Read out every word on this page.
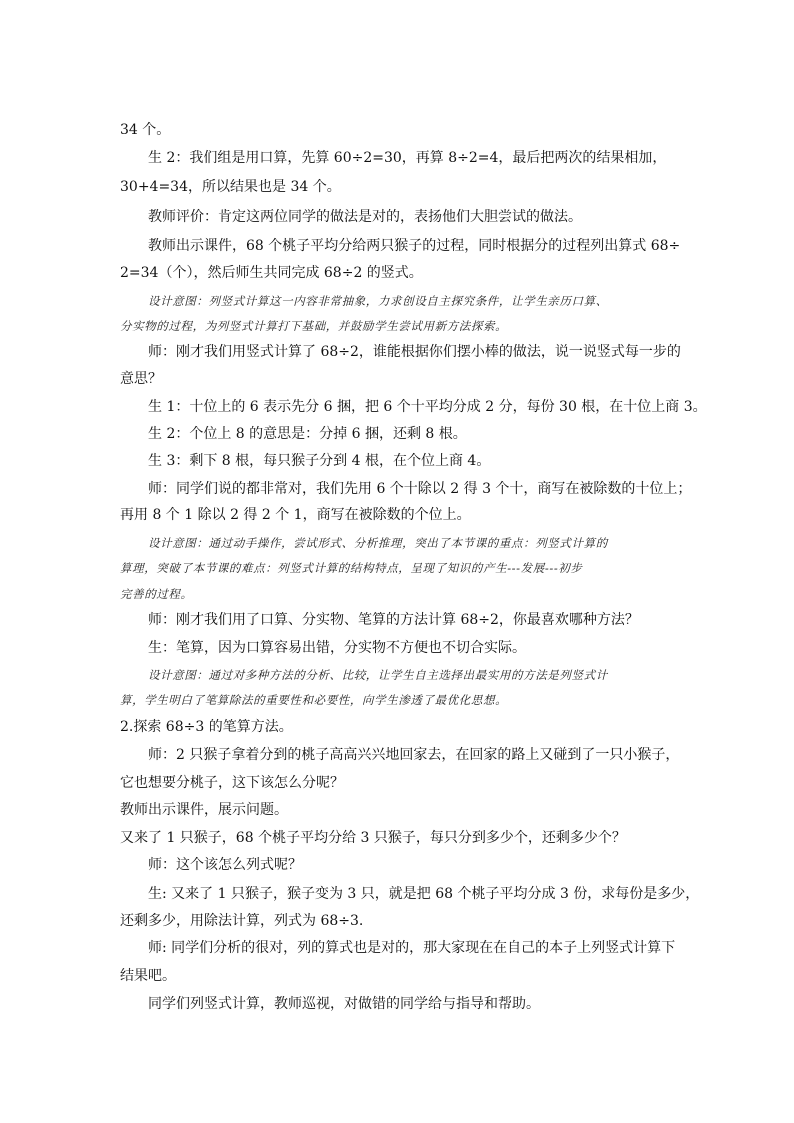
34 个。
生 2：我们组是用口算，先算 60÷2=30，再算 8÷2=4，最后把两次的结果相加，
30+4=34，所以结果也是 34 个。
教师评价：肯定这两位同学的做法是对的，表扬他们大胆尝试的做法。
教师出示课件，68 个桃子平均分给两只猴子的过程，同时根据分的过程列出算式 68÷
2=34（个），然后师生共同完成 68÷2 的竖式。
设计意图：列竖式计算这一内容非常抽象，力求创设自主探究条件，让学生亲历口算、
分实物的过程，为列竖式计算打下基础，并鼓励学生尝试用新方法探索。
师：刚才我们用竖式计算了 68÷2，谁能根据你们摆小棒的做法，说一说竖式每一步的
意思？
生 1：十位上的 6 表示先分 6 捆，把 6 个十平均分成 2 分，每份 30 根，在十位上商 3。
生 2：个位上 8 的意思是：分掉 6 捆，还剩 8 根。
生 3：剩下 8 根，每只猴子分到 4 根，在个位上商 4。
师：同学们说的都非常对，我们先用 6 个十除以 2 得 3 个十，商写在被除数的十位上；
再用 8 个 1 除以 2 得 2 个 1，商写在被除数的个位上。
设计意图：通过动手操作，尝试形式、分析推理，突出了本节课的重点：列竖式计算的
算理，突破了本节课的难点：列竖式计算的结构特点，呈现了知识的产生---发展---初步
完善的过程。
师：刚才我们用了口算、分实物、笔算的方法计算 68÷2，你最喜欢哪种方法？
生：笔算，因为口算容易出错，分实物不方便也不切合实际。
设计意图：通过对多种方法的分析、比较，让学生自主选择出最实用的方法是列竖式计
算，学生明白了笔算除法的重要性和必要性，向学生渗透了最优化思想。
2.探索 68÷3 的笔算方法。
师：2 只猴子拿着分到的桃子高高兴兴地回家去，在回家的路上又碰到了一只小猴子，
它也想要分桃子，这下该怎么分呢？
教师出示课件，展示问题。
又来了 1 只猴子，68 个桃子平均分给 3 只猴子，每只分到多少个，还剩多少个？
师：这个该怎么列式呢？
生: 又来了 1 只猴子，猴子变为 3 只，就是把 68 个桃子平均分成 3 份，求每份是多少，
还剩多少，用除法计算，列式为 68÷3.
师: 同学们分析的很对，列的算式也是对的，那大家现在在自己的本子上列竖式计算下
结果吧。
同学们列竖式计算，教师巡视，对做错的同学给与指导和帮助。
